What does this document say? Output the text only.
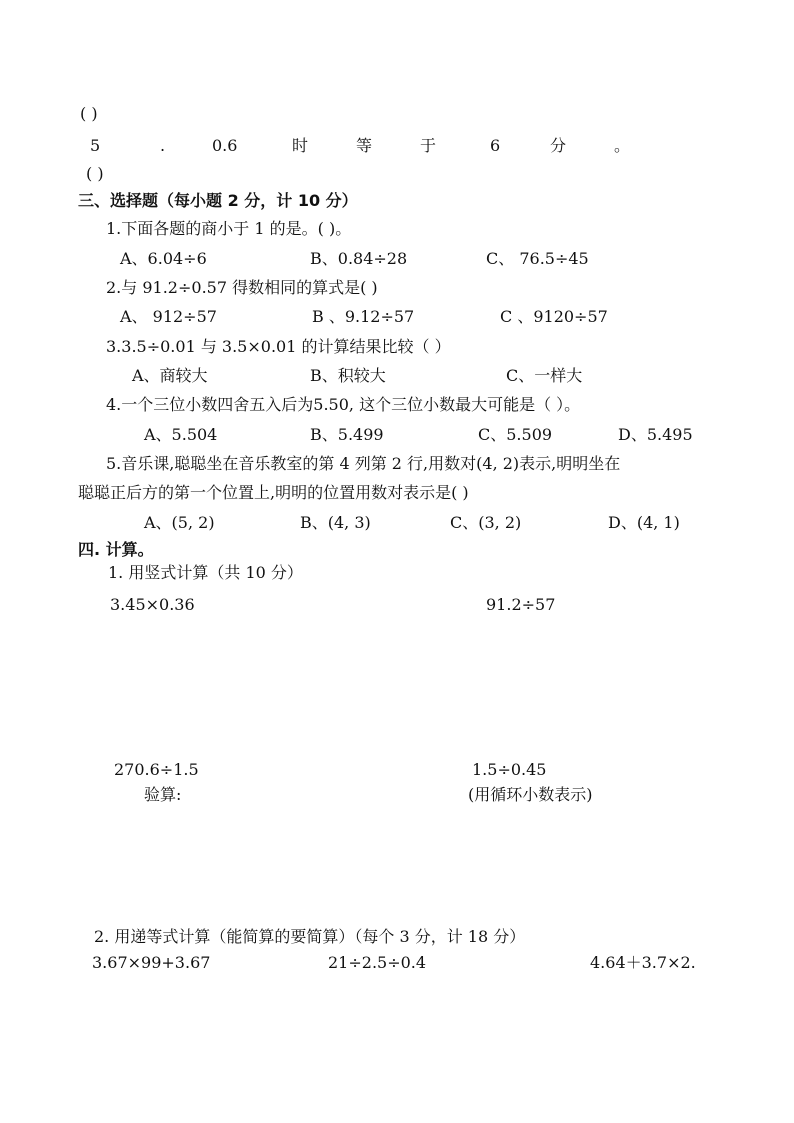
( )
5	.	0.6	时	等	于	6	分	。
( )
三、选择题（每小题 2 分，计 10 分）
1.下面各题的商小于 1 的是。( )。
A、6.04÷6	B、0.84÷28	C、 76.5÷45
2.与 91.2÷0.57 得数相同的算式是( )
A、 912÷57	B 、9.12÷57	C 、9120÷57
3.3.5÷0.01 与 3.5×0.01 的计算结果比较（ ）
A、商较大	B、积较大	C、一样大
4.一个三位小数四舍五入后为5.50, 这个三位小数最大可能是（ ）。
A、5.504	B、5.499	C、5.509	D、5.495
5.音乐课,聪聪坐在音乐教室的第 4 列第 2 行,用数对(4, 2)表示,明明坐在
聪聪正后方的第一个位置上,明明的位置用数对表示是( )
A、(5, 2)	B、(4, 3)	C、(3, 2)	D、(4, 1)
四. 计算。
1. 用竖式计算（共 10 分）
3.45×0.36	91.2÷57
270.6÷1.5	1.5÷0.45
验算:	(用循环小数表示)
2. 用递等式计算（能简算的要简算）（每个 3 分，计 18 分）
3.67×99+3.67	21÷2.5÷0.4	4.64＋3.7×2.
